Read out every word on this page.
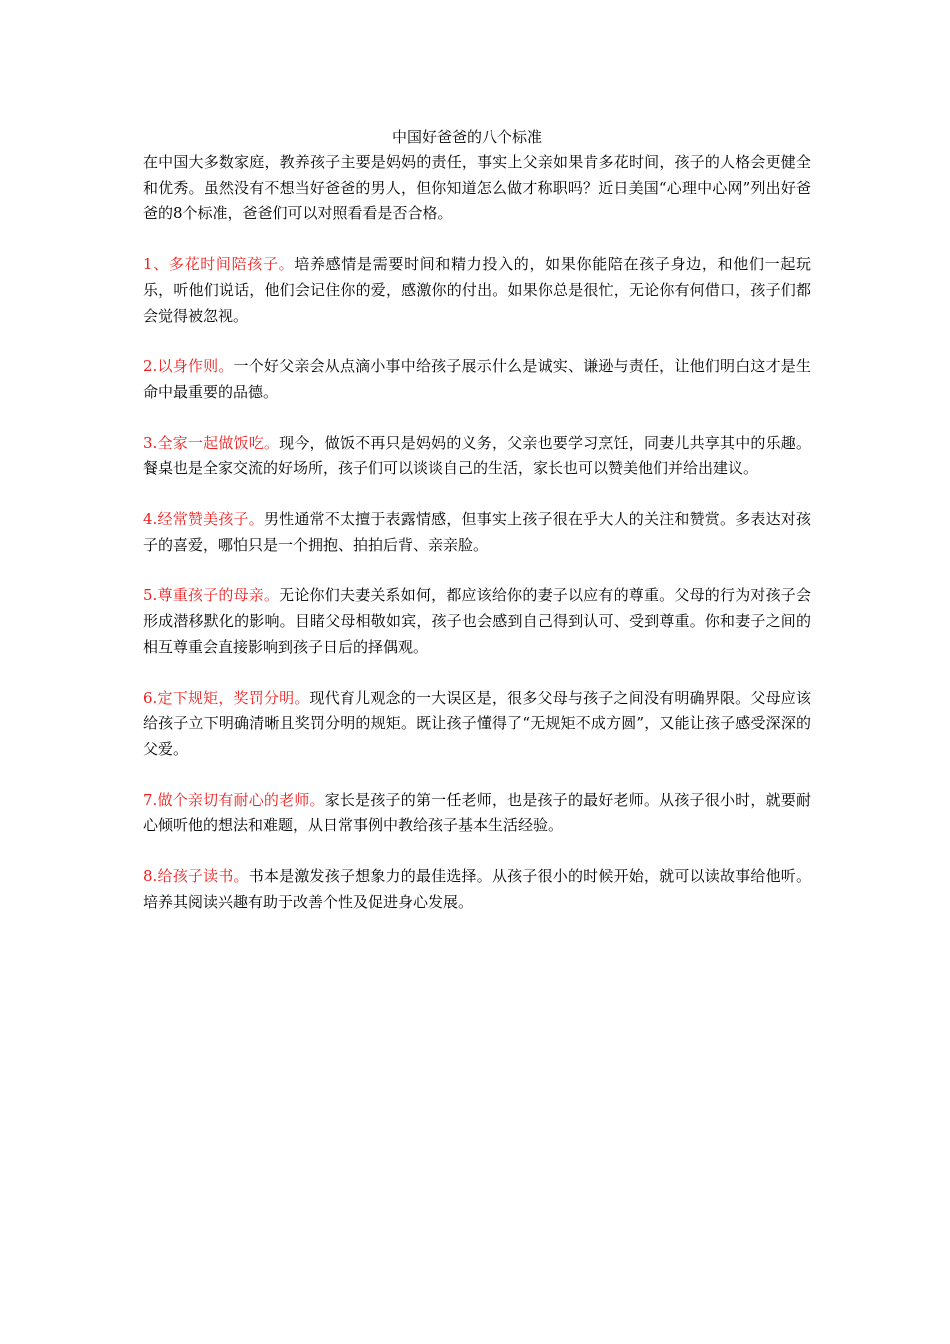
中国好爸爸的八个标准

在中国大多数家庭，教养孩子主要是妈妈的责任，事实上父亲如果肯多花时间，孩子的人格会更健全和优秀。虽然没有不想当好爸爸的男人，但你知道怎么做才称职吗？近日美国“心理中心网”列出好爸爸的8个标准，爸爸们可以对照看看是否合格。

1、多花时间陪孩子。培养感情是需要时间和精力投入的，如果你能陪在孩子身边，和他们一起玩乐，听他们说话，他们会记住你的爱，感激你的付出。如果你总是很忙，无论你有何借口，孩子们都会觉得被忽视。

2.以身作则。一个好父亲会从点滴小事中给孩子展示什么是诚实、谦逊与责任，让他们明白这才是生命中最重要的品德。

3.全家一起做饭吃。现今，做饭不再只是妈妈的义务，父亲也要学习烹饪，同妻儿共享其中的乐趣。餐桌也是全家交流的好场所，孩子们可以谈谈自己的生活，家长也可以赞美他们并给出建议。

4.经常赞美孩子。男性通常不太擅于表露情感，但事实上孩子很在乎大人的关注和赞赏。多表达对孩子的喜爱，哪怕只是一个拥抱、拍拍后背、亲亲脸。

5.尊重孩子的母亲。无论你们夫妻关系如何，都应该给你的妻子以应有的尊重。父母的行为对孩子会形成潜移默化的影响。目睹父母相敬如宾，孩子也会感到自己得到认可、受到尊重。你和妻子之间的相互尊重会直接影响到孩子日后的择偶观。

6.定下规矩，奖罚分明。现代育儿观念的一大误区是，很多父母与孩子之间没有明确界限。父母应该给孩子立下明确清晰且奖罚分明的规矩。既让孩子懂得了“无规矩不成方圆”，又能让孩子感受深深的父爱。

7.做个亲切有耐心的老师。家长是孩子的第一任老师，也是孩子的最好老师。从孩子很小时，就要耐心倾听他的想法和难题，从日常事例中教给孩子基本生活经验。

8.给孩子读书。书本是激发孩子想象力的最佳选择。从孩子很小的时候开始，就可以读故事给他听。培养其阅读兴趣有助于改善个性及促进身心发展。
